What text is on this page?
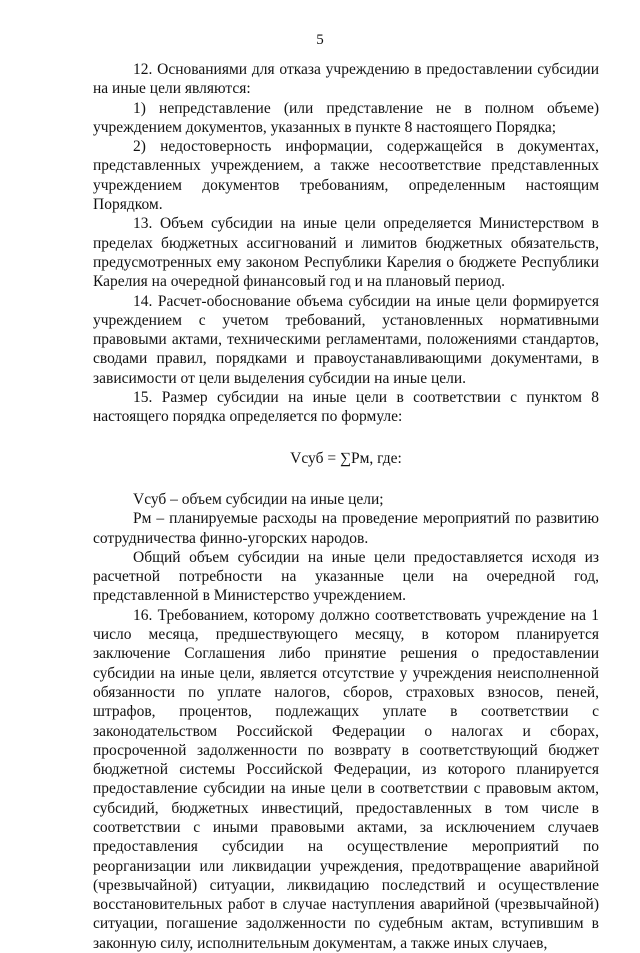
5

12. Основаниями для отказа учреждению в предоставлении субсидии на иные цели являются:

1) непредставление (или представление не в полном объеме) учреждением документов, указанных в пункте 8 настоящего Порядка;

2) недостоверность информации, содержащейся в документах, представленных учреждением, а также несоответствие представленных учреждением документов требованиям, определенным настоящим Порядком.

13. Объем субсидии на иные цели определяется Министерством в пределах бюджетных ассигнований и лимитов бюджетных обязательств, предусмотренных ему законом Республики Карелия о бюджете Республики Карелия на очередной финансовый год и на плановый период.

14. Расчет-обоснование объема субсидии на иные цели формируется учреждением с учетом требований, установленных нормативными правовыми актами, техническими регламентами, положениями стандартов, сводами правил, порядками и правоустанавливающими документами, в зависимости от цели выделения субсидии на иные цели.

15. Размер субсидии на иные цели в соответствии с пунктом 8 настоящего порядка определяется по формуле:

Vсуб = ∑Pм, где:

Vсуб – объем субсидии на иные цели;

Pм – планируемые расходы на проведение мероприятий по развитию сотрудничества финно-угорских народов.

Общий объем субсидии на иные цели предоставляется исходя из расчетной потребности на указанные цели на очередной год, представленной в Министерство учреждением.

16. Требованием, которому должно соответствовать учреждение на 1 число месяца, предшествующего месяцу, в котором планируется заключение Соглашения либо принятие решения о предоставлении субсидии на иные цели, является отсутствие у учреждения неисполненной обязанности по уплате налогов, сборов, страховых взносов, пеней, штрафов, процентов, подлежащих уплате в соответствии с законодательством Российской Федерации о налогах и сборах, просроченной задолженности по возврату в соответствующий бюджет бюджетной системы Российской Федерации, из которого планируется предоставление субсидии на иные цели в соответствии с правовым актом, субсидий, бюджетных инвестиций, предоставленных в том числе в соответствии с иными правовыми актами, за исключением случаев предоставления субсидии на осуществление мероприятий по реорганизации или ликвидации учреждения, предотвращение аварийной (чрезвычайной) ситуации, ликвидацию последствий и осуществление восстановительных работ в случае наступления аварийной (чрезвычайной) ситуации, погашение задолженности по судебным актам, вступившим в законную силу, исполнительным документам, а также иных случаев,
